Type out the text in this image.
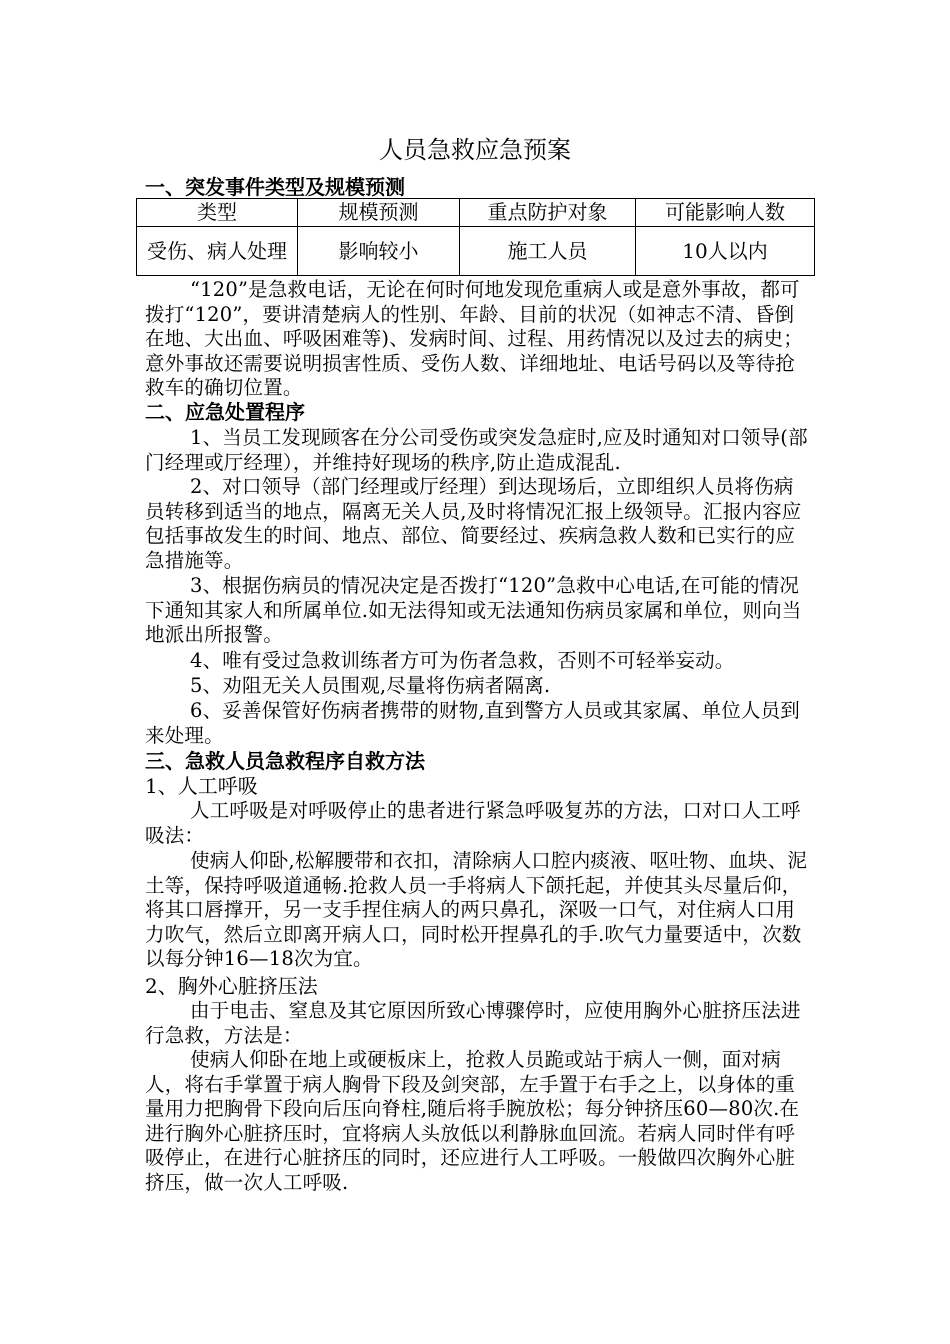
人员急救应急预案
一、突发事件类型及规模预测
类型	规模预测	重点防护对象	可能影响人数
受伤、病人处理	影响较小	施工人员	10人以内

“120”是急救电话，无论在何时何地发现危重病人或是意外事故，都可拨打“120”，要讲清楚病人的性别、年龄、目前的状况（如神志不清、昏倒在地、大出血、呼吸困难等)、发病时间、过程、用药情况以及过去的病史；意外事故还需要说明损害性质、受伤人数、详细地址、电话号码以及等待抢救车的确切位置。

二、应急处置程序

1、当员工发现顾客在分公司受伤或突发急症时,应及时通知对口领导(部门经理或厅经理），并维持好现场的秩序,防止造成混乱.

2、对口领导（部门经理或厅经理）到达现场后，立即组织人员将伤病员转移到适当的地点，隔离无关人员,及时将情况汇报上级领导。汇报内容应包括事故发生的时间、地点、部位、简要经过、疾病急救人数和已实行的应急措施等。

3、根据伤病员的情况决定是否拨打“120”急救中心电话,在可能的情况下通知其家人和所属单位.如无法得知或无法通知伤病员家属和单位，则向当地派出所报警。

4、唯有受过急救训练者方可为伤者急救，否则不可轻举妄动。

5、劝阻无关人员围观,尽量将伤病者隔离.

6、妥善保管好伤病者携带的财物,直到警方人员或其家属、单位人员到来处理。

三、急救人员急救程序自救方法

1、人工呼吸

人工呼吸是对呼吸停止的患者进行紧急呼吸复苏的方法，口对口人工呼吸法：

使病人仰卧,松解腰带和衣扣，清除病人口腔内痰液、呕吐物、血块、泥土等，保持呼吸道通畅.抢救人员一手将病人下颌托起，并使其头尽量后仰，将其口唇撑开，另一支手捏住病人的两只鼻孔，深吸一口气，对住病人口用力吹气，然后立即离开病人口，同时松开捏鼻孔的手.吹气力量要适中，次数以每分钟16—18次为宜。

2、胸外心脏挤压法

由于电击、窒息及其它原因所致心博骤停时，应使用胸外心脏挤压法进行急救，方法是：

使病人仰卧在地上或硬板床上，抢救人员跪或站于病人一侧，面对病人，将右手掌置于病人胸骨下段及剑突部，左手置于右手之上，以身体的重量用力把胸骨下段向后压向脊柱,随后将手腕放松；每分钟挤压60—80次.在进行胸外心脏挤压时，宜将病人头放低以利静脉血回流。若病人同时伴有呼吸停止，在进行心脏挤压的同时，还应进行人工呼吸。一般做四次胸外心脏挤压，做一次人工呼吸.
